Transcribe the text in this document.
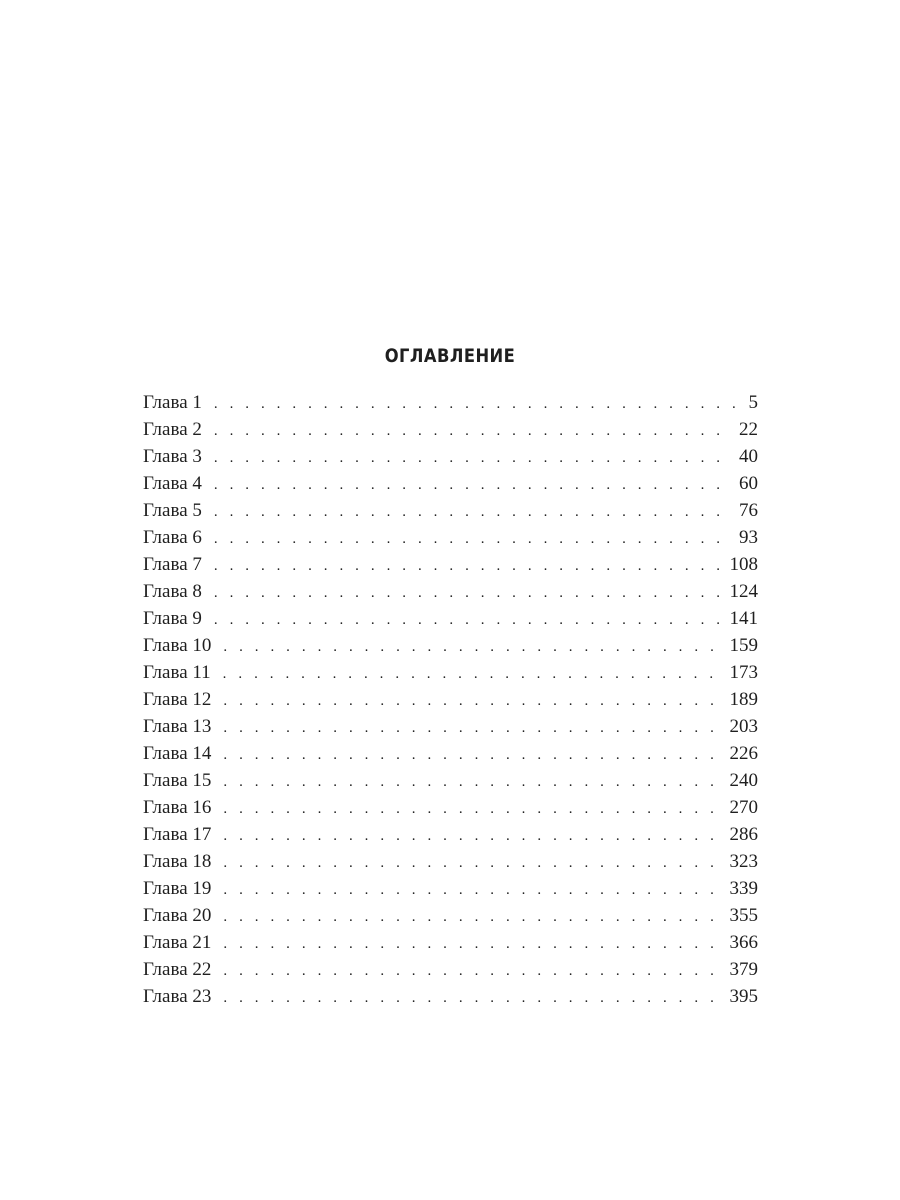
ОГЛАВЛЕНИЕ
Глава 1 . . .	5
Глава 2 . . .	22
Глава 3 . . .	40
Глава 4 . . .	60
Глава 5 . . .	76
Глава 6 . . .	93
Глава 7 . . .	108
Глава 8 . . .	124
Глава 9 . . .	141
Глава 10 . . .	159
Глава 11 . . .	173
Глава 12 . . .	189
Глава 13 . . .	203
Глава 14 . . .	226
Глава 15 . . .	240
Глава 16 . . .	270
Глава 17 . . .	286
Глава 18 . . .	323
Глава 19 . . .	339
Глава 20 . . .	355
Глава 21 . . .	366
Глава 22 . . .	379
Глава 23 . . .	395
